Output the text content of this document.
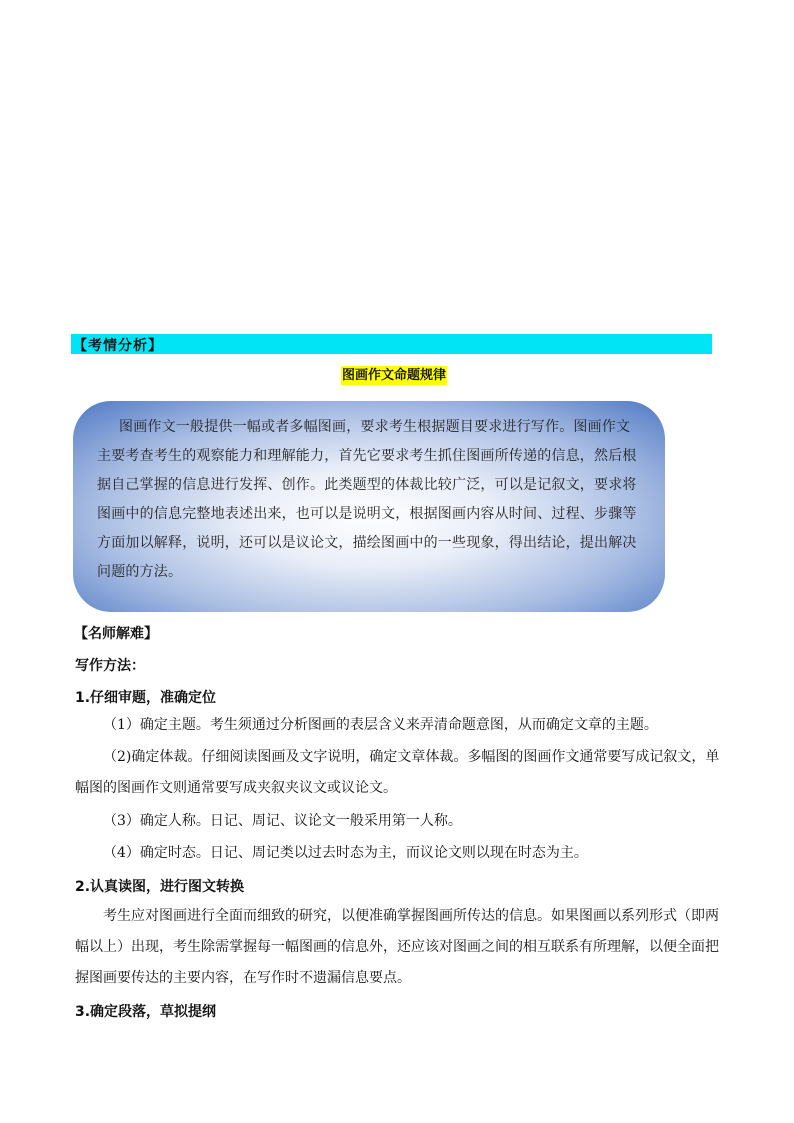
【考情分析】
图画作文命题规律

图画作文一般提供一幅或者多幅图画，要求考生根据题目要求进行写作。图画作文

主要考查考生的观察能力和理解能力，首先它要求考生抓住图画所传递的信息，然后根据自己掌握的信息进行发挥、创作。此类题型的体裁比较广泛，可以是记叙文，要求将图画中的信息完整地表述出来，也可以是说明文，根据图画内容从时间、过程、步骤等方面加以解释，说明，还可以是议论文，描绘图画中的一些现象，得出结论，提出解决问题的方法。

【名师解难】
写作方法：
1.仔细审题，准确定位
（1）确定主题。考生须通过分析图画的表层含义来弄清命题意图，从而确定文章的主题。
（2)确定体裁。仔细阅读图画及文字说明，确定文章体裁。多幅图的图画作文通常要写成记叙文，单幅图的图画作文则通常要写成夹叙夹议文或议论文。
（3）确定人称。日记、周记、议论文一般采用第一人称。
（4）确定时态。日记、周记类以过去时态为主，而议论文则以现在时态为主。
2.认真读图，进行图文转换
考生应对图画进行全面而细致的研究，以便准确掌握图画所传达的信息。如果图画以系列形式（即两幅以上）出现，考生除需掌握每一幅图画的信息外，还应该对图画之间的相互联系有所理解，以便全面把握图画要传达的主要内容，在写作时不遗漏信息要点。
3.确定段落，草拟提纲
